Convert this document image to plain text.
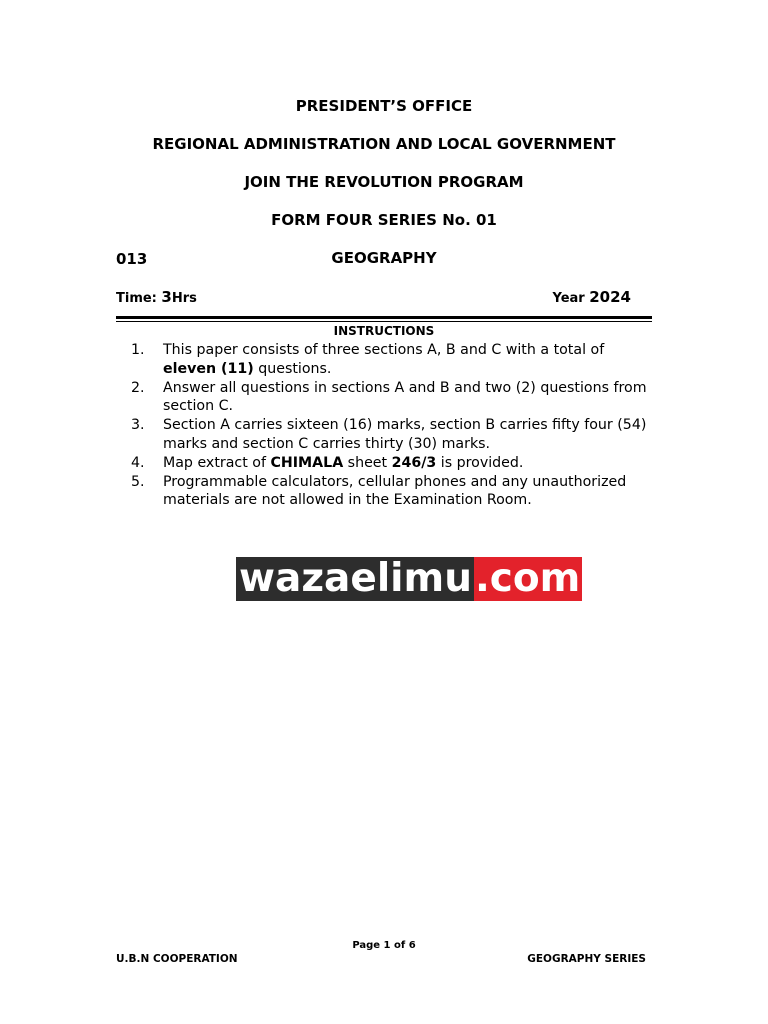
PRESIDENT’S OFFICE
REGIONAL ADMINISTRATION AND LOCAL GOVERNMENT
JOIN THE REVOLUTION PROGRAM
FORM FOUR SERIES No. 01
013	GEOGRAPHY
Time: 3Hrs	Year 2024
INSTRUCTIONS
1. This paper consists of three sections A, B and C with a total of eleven (11) questions.
2. Answer all questions in sections A and B and two (2) questions from section C.
3. Section A carries sixteen (16) marks, section B carries fifty four (54) marks and section C carries thirty (30) marks.
4. Map extract of CHIMALA sheet 246/3 is provided.
5. Programmable calculators, cellular phones and any unauthorized materials are not allowed in the Examination Room.
wazaelimu .com
Page 1 of 6
U.B.N COOPERATION	GEOGRAPHY SERIES
